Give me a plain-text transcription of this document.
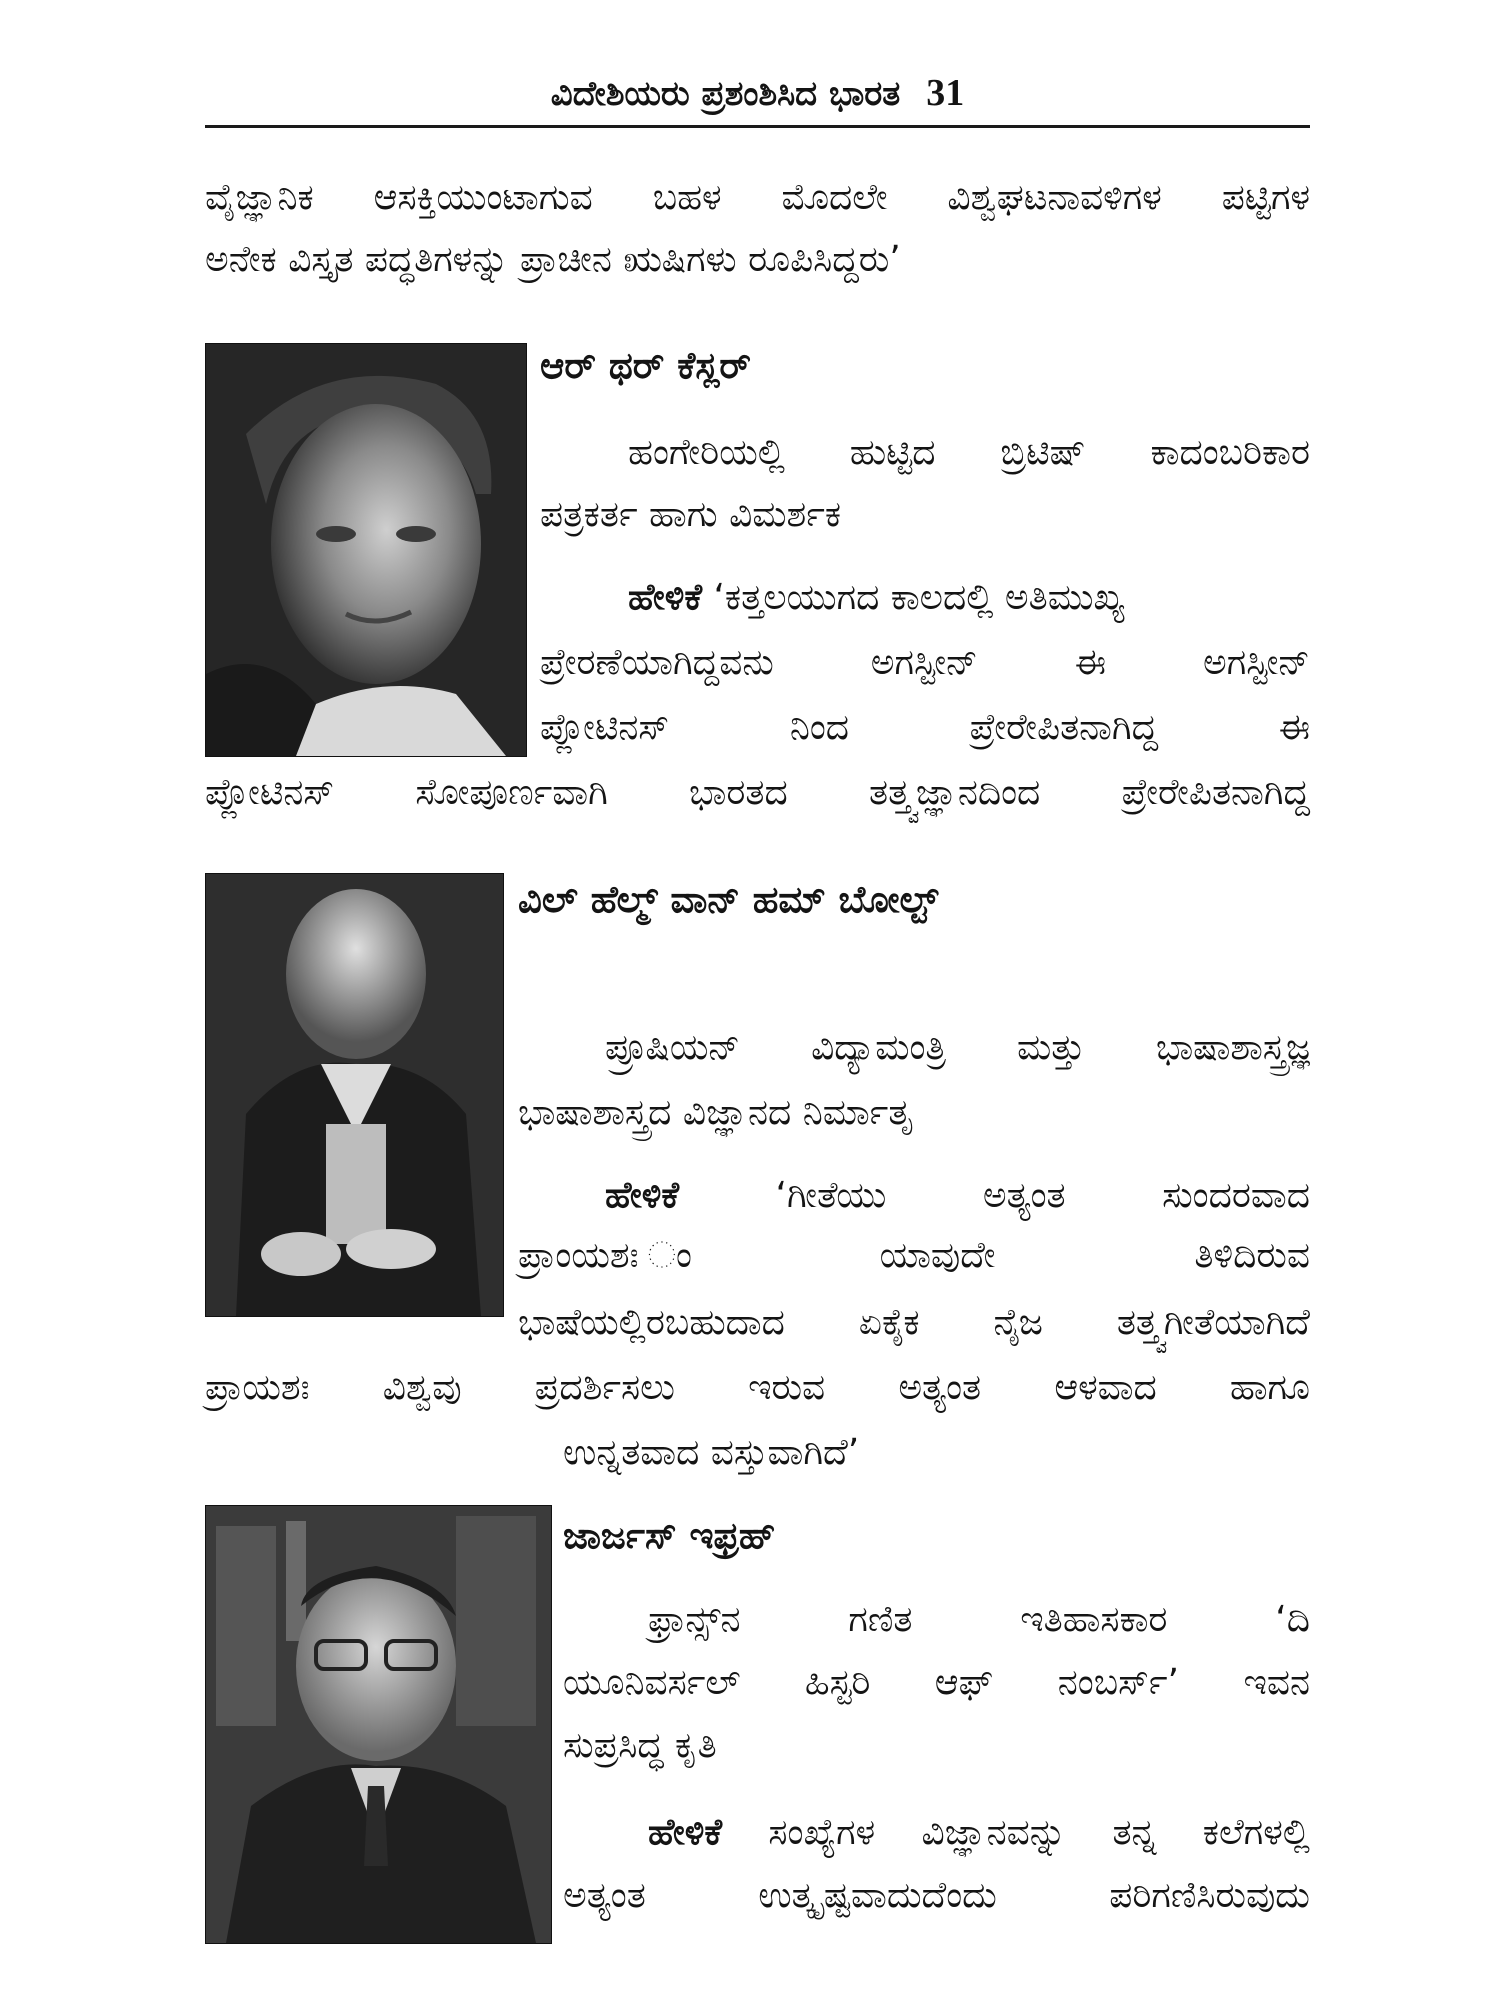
ವಿದೇಶಿಯರು ಪ್ರಶಂಶಿಸಿದ ಭಾರತ 31
ವೈಜ್ಞಾನಿಕ ಆಸಕ್ತಿಯುಂಟಾಗುವ ಬಹಳ ಮೊದಲೇ ವಿಶ್ವಘಟನಾವಳಿಗಳ ಪಟ್ಟಿಗಳ
ಅನೇಕ ವಿಸ್ತೃತ ಪದ್ಧತಿಗಳನ್ನು ಪ್ರಾಚೀನ ಋಷಿಗಳು ರೂಪಿಸಿದ್ದರು’
ಆರ್ ಥರ್ ಕೆಸ್ಲರ್
ಹಂಗೇರಿಯಲ್ಲಿ ಹುಟ್ಟಿದ ಬ್ರಿಟಿಷ್ ಕಾದಂಬರಿಕಾರ
ಪತ್ರಕರ್ತ ಹಾಗು ವಿಮರ್ಶಕ
ಹೇಳಿಕೆ ‘ಕತ್ತಲಯುಗದ ಕಾಲದಲ್ಲಿ ಅತಿಮುಖ್ಯ
ಪ್ರೇರಣೆಯಾಗಿದ್ದವನು ಅಗಸ್ಟೀನ್ ಈ ಅಗಸ್ಟೀನ್
ಪ್ಲೋಟಿನಸ್ ನಿಂದ ಪ್ರೇರೇಪಿತನಾಗಿದ್ದ ಈ
ಪ್ಲೋಟಿನಸ್ ಸೋಪೂರ್ಣವಾಗಿ ಭಾರತದ ತತ್ತ್ವಜ್ಞಾನದಿಂದ ಪ್ರೇರೇಪಿತನಾಗಿದ್ದ
ವಿಲ್ ಹೆಲ್ಮ್ ವಾನ್ ಹಮ್ ಬೋಲ್ಟ್
ಪ್ರೂಷಿಯನ್ ವಿದ್ಯಾಮಂತ್ರಿ ಮತ್ತು ಭಾಷಾಶಾಸ್ತ್ರಜ್ಞ
ಭಾಷಾಶಾಸ್ತ್ರದ ವಿಜ್ಞಾನದ ನಿರ್ಮಾತೃ
ಹೇಳಿಕೆ	‘ಗೀತೆಯು ಅತ್ಯಂತ ಸುಂದರವಾದ
ಪ್ರಾಂಯಶಃ ಂಯಾವುದೇ ತಿಳಿದಿರುವ
ಭಾಷೆಯಲ್ಲಿರಬಹುದಾದ ಏಕೈಕ ನೈಜ ತತ್ತ್ವಗೀತೆಯಾಗಿದೆ
ಪ್ರಾಯಶಃ ವಿಶ್ವವು ಪ್ರದರ್ಶಿಸಲು ಇರುವ ಅತ್ಯಂತ ಆಳವಾದ ಹಾಗೂ
ಉನ್ನತವಾದ ವಸ್ತುವಾಗಿದೆ’
ಜಾರ್ಜಸ್ ಇಫ್ರಹ್
ಫ್ರಾನ್ಸ್‌ನ ಗಣಿತ ಇತಿಹಾಸಕಾರ ‘ದಿ
ಯೂನಿವರ್ಸಲ್ ಹಿಸ್ಟರಿ ಆಫ್ ನಂಬರ್ಸ್’ ಇವನ
ಸುಪ್ರಸಿದ್ಧ ಕೃತಿ
ಹೇಳಿಕೆ ಸಂಖ್ಯೆಗಳ ವಿಜ್ಞಾನವನ್ನು ತನ್ನ ಕಲೆಗಳಲ್ಲಿ
ಅತ್ಯಂತ ಉತ್ಕೃಷ್ಟವಾದುದೆಂದು ಪರಿಗಣಿಸಿರುವುದು
